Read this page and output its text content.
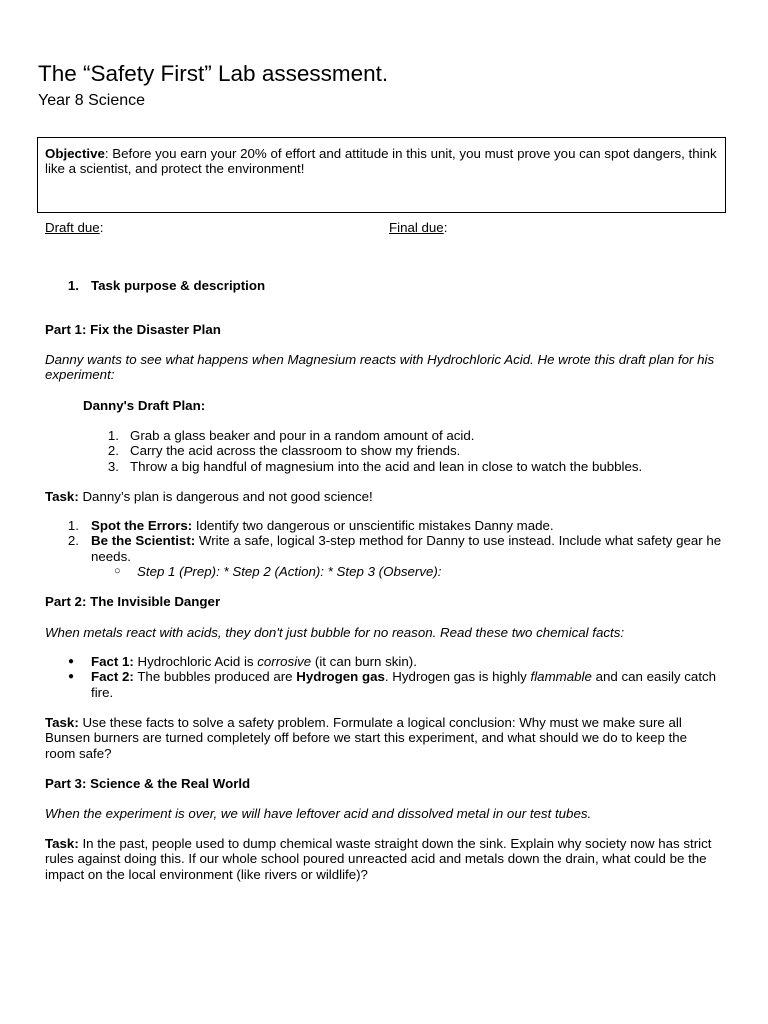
The “Safety First” Lab assessment.
Year 8 Science

Objective: Before you earn your 20% of effort and attitude in this unit, you must prove you can spot dangers, think like a scientist, and protect the environment!

Draft due:	Final due:
1. Task purpose & description

Part 1: Fix the Disaster Plan

Danny wants to see what happens when Magnesium reacts with Hydrochloric Acid. He wrote this draft plan for his experiment:

Danny's Draft Plan:

1. Grab a glass beaker and pour in a random amount of acid.
2. Carry the acid across the classroom to show my friends.
3. Throw a big handful of magnesium into the acid and lean in close to watch the bubbles.

Task: Danny’s plan is dangerous and not good science!

1. Spot the Errors: Identify two dangerous or unscientific mistakes Danny made.
2. Be the Scientist: Write a safe, logical 3-step method for Danny to use instead. Include what safety gear he needs.
○ Step 1 (Prep): * Step 2 (Action): * Step 3 (Observe):

Part 2: The Invisible Danger

When metals react with acids, they don't just bubble for no reason. Read these two chemical facts:

● Fact 1: Hydrochloric Acid is corrosive (it can burn skin).
● Fact 2: The bubbles produced are Hydrogen gas. Hydrogen gas is highly flammable and can easily catch fire.

Task: Use these facts to solve a safety problem. Formulate a logical conclusion: Why must we make sure all Bunsen burners are turned completely off before we start this experiment, and what should we do to keep the room safe?

Part 3: Science & the Real World

When the experiment is over, we will have leftover acid and dissolved metal in our test tubes.

Task: In the past, people used to dump chemical waste straight down the sink. Explain why society now has strict rules against doing this. If our whole school poured unreacted acid and metals down the drain, what could be the impact on the local environment (like rivers or wildlife)?
